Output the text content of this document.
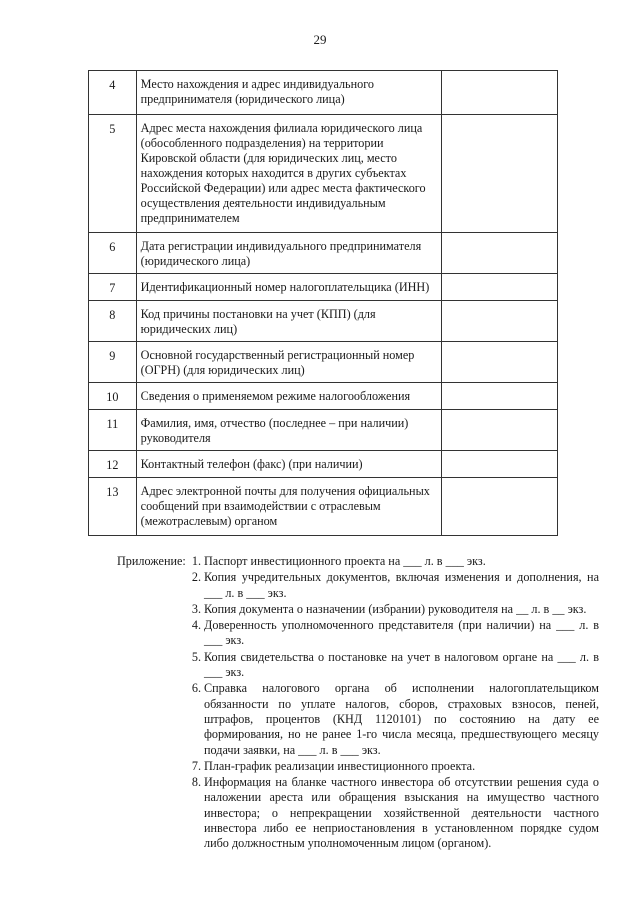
29
4	Место нахождения и адрес индивидуального предпринимателя (юридического лица)	
5	Адрес места нахождения филиала юридического лица (обособленного подразделения) на территории Кировской области (для юридических лиц, место нахождения которых находится в других субъектах Российской Федерации) или адрес места фактического осуществления деятельности индивидуальным предпринимателем	
6	Дата регистрации индивидуального предпринимателя (юридического лица)	
7	Идентификационный номер налогоплательщика (ИНН)	
8	Код причины постановки на учет (КПП) (для юридических лиц)	
9	Основной государственный регистрационный номер (ОГРН) (для юридических лиц)	
10	Сведения о применяемом режиме налогообложения	
11	Фамилия, имя, отчество (последнее – при наличии) руководителя	
12	Контактный телефон (факс) (при наличии)	
13	Адрес электронной почты для получения официальных сообщений при взаимодействии с отраслевым (межотраслевым) органом	
Приложение: 1. Паспорт инвестиционного проекта на ___ л. в ___ экз.
2. Копия учредительных документов, включая изменения и дополнения, на ___ л. в ___ экз.
3. Копия документа о назначении (избрании) руководителя на __ л. в __ экз.
4. Доверенность уполномоченного представителя (при наличии) на ___ л. в ___ экз.
5. Копия свидетельства о постановке на учет в налоговом органе на ___ л. в ___ экз.
6. Справка налогового органа об исполнении налогоплательщиком обязанности по уплате налогов, сборов, страховых взносов, пеней, штрафов, процентов (КНД 1120101) по состоянию на дату ее формирования, но не ранее 1-го числа месяца, предшествующего месяцу подачи заявки, на ___ л. в ___ экз.
7. План-график реализации инвестиционного проекта.
8. Информация на бланке частного инвестора об отсутствии решения суда о наложении ареста или обращения взыскания на имущество частного инвестора; о непрекращении хозяйственной деятельности частного инвестора либо ее неприостановления в установленном порядке судом либо должностным уполномоченным лицом (органом).
